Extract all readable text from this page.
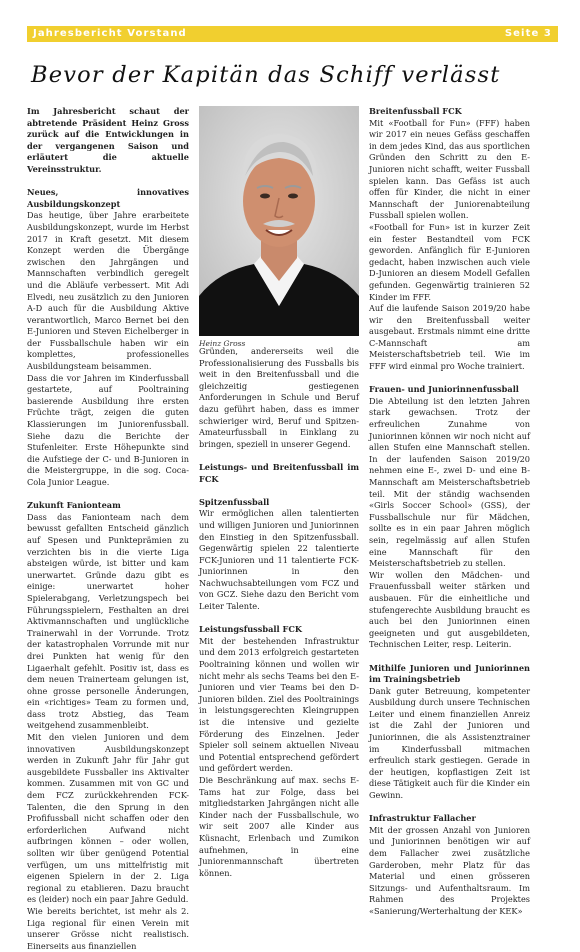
Jahresbericht Vorstand	Seite 3
Bevor der Kapitän das Schiff verlässt

Im Jahresbericht schaut der abtretende Präsident Heinz Gross zurück auf die Entwicklungen in der vergangenen Saison und erläutert die aktuelle Vereinsstruktur.

Neues, innovatives Ausbildungskonzept

Das heutige, über Jahre erarbeitete Ausbildungskonzept, wurde im Herbst 2017 in Kraft gesetzt. Mit diesem Konzept werden die Übergänge zwischen den Jahrgängen und Mannschaften verbindlich geregelt und die Abläufe verbessert. Mit Adi Elvedi, neu zusätzlich zu den Junioren A-D auch für die Ausbildung Aktive verantwortlich, Marco Bernet bei den E-Junioren und Steven Eichelberger in der Fussballschule haben wir ein komplettes, professionelles Ausbildungsteam beisammen.

Dass die vor Jahren im Kinderfussball gestartete, auf Pooltraining basierende Ausbildung ihre ersten Früchte trägt, zeigen die guten Klassierungen im Juniorenfussball. Siehe dazu die Berichte der Stufenleiter. Erste Höhepunkte sind die Aufstiege der C- und B-Junioren in die Meistergruppe, in die sog. Coca-Cola Junior League.

Zukunft Fanionteam

Dass das Fanionteam nach dem bewusst gefallten Entscheid gänzlich auf Spesen und Punkteprämien zu verzichten bis in die vierte Liga absteigen würde, ist bitter und kam unerwartet. Gründe dazu gibt es einige: unerwartet hoher Spielerabgang, Verletzungspech bei Führungsspielern, Festhalten an drei Aktivmannschaften und unglückliche Trainerwahl in der Vorrunde. Trotz der katastrophalen Vorrunde mit nur drei Punkten hat wenig für den Ligaerhalt gefehlt. Positiv ist, dass es dem neuen Trainerteam gelungen ist, ohne grosse personelle Änderungen, ein «richtiges» Team zu formen und, dass trotz Abstieg, das Team weitgehend zusammenbleibt.

Mit den vielen Junioren und dem innovativen Ausbildungskonzept werden in Zukunft Jahr für Jahr gut ausgebildete Fussballer ins Aktivalter kommen. Zusammen mit von GC und dem FCZ zurückkehrenden FCK-Talenten, die den Sprung in den Profifussball nicht schaffen oder den erforderlichen Aufwand nicht aufbringen können – oder wollen, sollten wir über genügend Potential verfügen, um uns mittelfristig mit eigenen Spielern in der 2. Liga regional zu etablieren. Dazu braucht es (leider) noch ein paar Jahre Geduld.

Wie bereits berichtet, ist mehr als 2. Liga regional für einen Verein mit unserer Grösse nicht realistisch. Einerseits aus finanziellen

Heinz Gross

Gründen, andererseits weil die Professionalisierung des Fussballs bis weit in den Breitenfussball und die gleichzeitig gestiegenen Anforderungen in Schule und Beruf dazu geführt haben, dass es immer schwieriger wird, Beruf und Spitzen-Amateurfussball in Einklang zu bringen, speziell in unserer Gegend.

Leistungs- und Breitenfussball im FCK
Spitzenfussball

Wir ermöglichen allen talentierten und willigen Junioren und Juniorinnen den Einstieg in den Spitzenfussball. Gegenwärtig spielen 22 talentierte FCK-Junioren und 11 talentierte FCK-Juniorinnen in den Nachwuchsabteilungen vom FCZ und von GCZ. Siehe dazu den Bericht vom Leiter Talente.

Leistungsfussball FCK

Mit der bestehenden Infrastruktur und dem 2013 erfolgreich gestarteten Pooltraining können und wollen wir nicht mehr als sechs Teams bei den E-Junioren und vier Teams bei den D-Junioren bilden. Ziel des Pooltrainings in leistungsgerechten Kleingruppen ist die intensive und gezielte Förderung des Einzelnen. Jeder Spieler soll seinem aktuellen Niveau und Potential entsprechend gefördert und gefördert werden.

Die Beschränkung auf max. sechs E-Tams hat zur Folge, dass bei mitgliedstarken Jahrgängen nicht alle Kinder nach der Fussballschule, wo wir seit 2007 alle Kinder aus Küsnacht, Erlenbach und Zumikon aufnehmen, in eine Juniorenmannschaft übertreten können.

Breitenfussball FCK

Mit «Football for Fun» (FFF) haben wir 2017 ein neues Gefäss geschaffen in dem jedes Kind, das aus sportlichen Gründen den Schritt zu den E-Junioren nicht schafft, weiter Fussball spielen kann. Das Gefäss ist auch offen für Kinder, die nicht in einer Mannschaft der Juniorenabteilung Fussball spielen wollen.

«Football for Fun» ist in kurzer Zeit ein fester Bestandteil vom FCK geworden. Anfänglich für E-Junioren gedacht, haben inzwischen auch viele D-Junioren an diesem Modell Gefallen gefunden. Gegenwärtig trainieren 52 Kinder im FFF.

Auf die laufende Saison 2019/20 habe wir den Breitenfussball weiter ausgebaut. Erstmals nimmt eine dritte C-Mannschaft am Meisterschaftsbetrieb teil. Wie im FFF wird einmal pro Woche trainiert.

Frauen- und Juniorinnenfussball

Die Abteilung ist den letzten Jahren stark gewachsen. Trotz der erfreulichen Zunahme von Juniorinnen können wir noch nicht auf allen Stufen eine Mannschaft stellen. In der laufenden Saison 2019/20 nehmen eine E-, zwei D- und eine B-Mannschaft am Meisterschaftsbetrieb teil. Mit der ständig wachsenden «Girls Soccer School» (GSS), der Fussballschule nur für Mädchen, sollte es in ein paar Jahren möglich sein, regelmässig auf allen Stufen eine Mannschaft für den Meisterschaftsbetrieb zu stellen.

Wir wollen den Mädchen- und Frauenfussball weiter stärken und ausbauen. Für die einheitliche und stufengerechte Ausbildung braucht es auch bei den Juniorinnen einen geeigneten und gut ausgebildeten, Technischen Leiter, resp. Leiterin.

Mithilfe Junioren und Juniorinnen im Trainingsbetrieb

Dank guter Betreuung, kompetenter Ausbildung durch unsere Technischen Leiter und einem finanziellen Anreiz ist die Zahl der Junioren und Juniorinnen, die als Assistenztrainer im Kinderfussball mitmachen erfreulich stark gestiegen. Gerade in der heutigen, kopflastigen Zeit ist diese Tätigkeit auch für die Kinder ein Gewinn.

Infrastruktur Fallacher

Mit der grossen Anzahl von Junioren und Juniorinnen benötigen wir auf dem Fallacher zwei zusätzliche Garderoben, mehr Platz für das Material und einen grösseren Sitzungs- und Aufenthaltsraum. Im Rahmen des Projektes «Sanierung/Werterhaltung der KEK»
